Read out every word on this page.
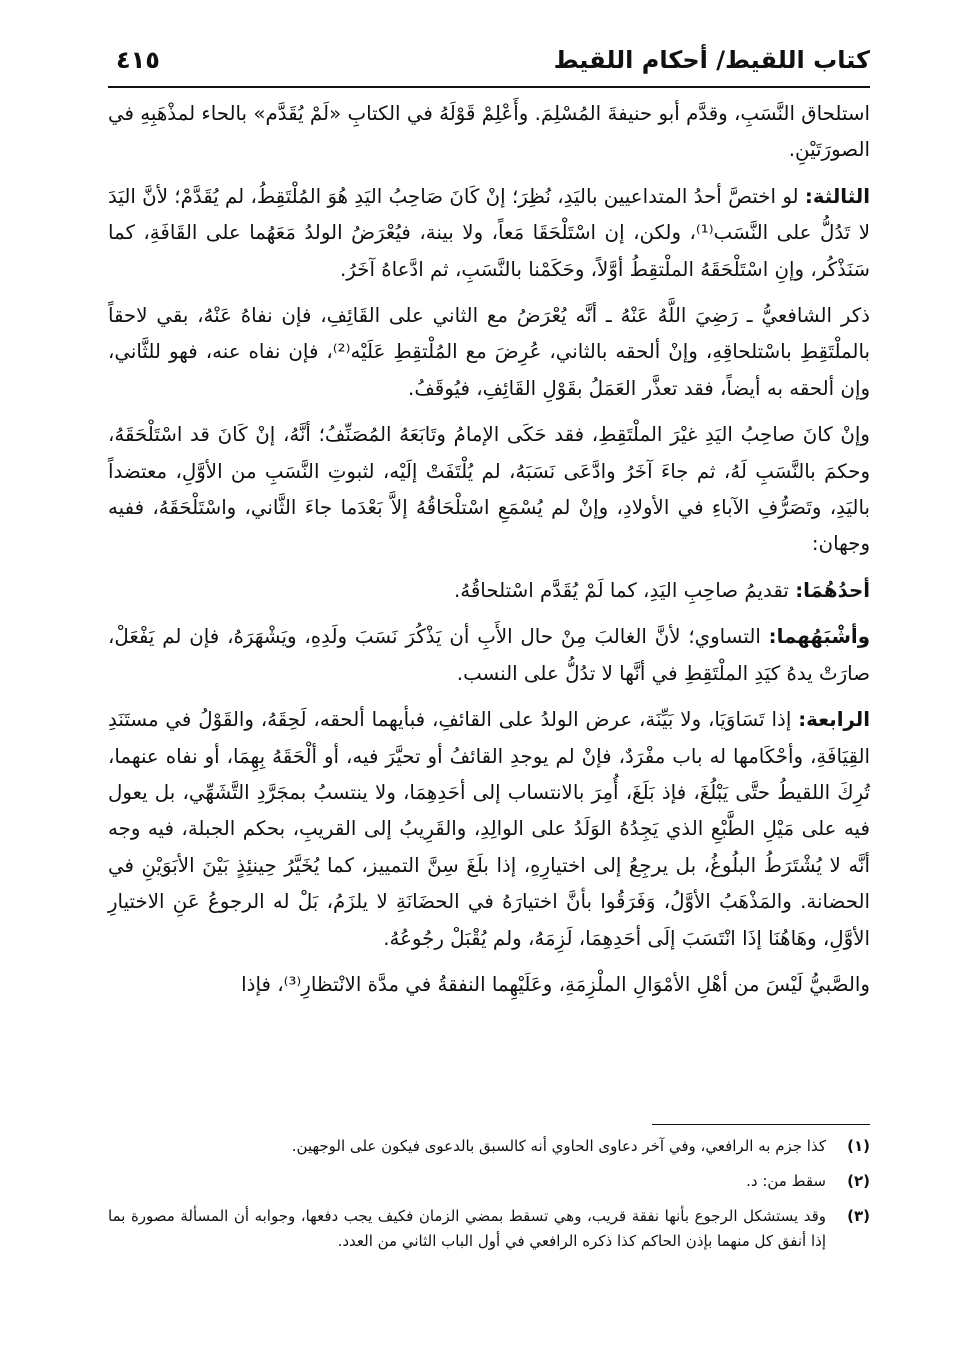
كتاب اللقيط/ أحكام اللقيط
٤١٥

استلحاق النَّسَبِ، وقدَّم أبو حنيفةَ المُسْلِمَ. وأَعْلِمْ قَوْلَهُ في الكتابِ «لَمْ يُقَدَّم» بالحاء لمذْهَبِهِ في الصورَتَيْنِ.

الثالثة: لو اختصَّ أحدُ المتداعيين باليَدِ، نُظِرَ؛ إنْ كَانَ صَاحِبُ اليَدِ هُوَ المُلْتَقِطُ، لم يُقَدَّمْ؛ لأنَّ اليَدَ لا تَدُلُّ على النَّسَب⁽¹⁾، ولكن، إن اسْتَلْحَقَا مَعاً، ولا بينة، فيُعْرَضُ الولدُ مَعَهُما على القَافَةِ، كما سَنَذْكُر، وإنِ اسْتَلْحَقَهُ الملْتقِطُ أوَّلاً، وحَكَمْنا بالنَّسَبِ، ثم ادَّعاهُ آخَرُ.

ذكر الشافعيُّ ـ رَضِيَ اللَّهُ عَنْهُ ـ أنَّه يُعْرَضُ مع الثاني على القَائِفِ، فإن نفاهُ عَنْهُ، بقي لاحقاً بالملْتَقِطِ باسْتلحاقِهِ، وإنْ ألحقه بالثاني، عُرِضَ مع المُلْتقِطِ عَلَيْه⁽²⁾، فإن نفاه عنه، فهو للثَّاني، وإن ألحقه به أيضاً، فقد تعذَّر العَمَلُ بقَوْلِ القَائِفِ، فيُوقَفُ.

وإنْ كانَ صاحِبُ اليَدِ غيْرَ الملْتَقِطِ، فقد حَكَى الإمامُ وتَابَعَهُ المُصَنِّفُ؛ أنَّهُ، إنْ كَانَ قد اسْتَلْحَقَهُ، وحكمَ بالنَّسَبِ لَهُ، ثم جاءَ آخَرُ وادَّعَى نَسَبَهُ، لم يُلْتَفَتْ إلَيْه، لثبوتِ النَّسَبِ من الأوَّلِ، معتضداً باليَدِ، وتَصَرُّفِ الآباءِ في الأولادِ، وإنْ لم يُسْمَعِ اسْتلْحَاقُهُ إلاَّ بَعْدَما جاءَ الثَّاني، واسْتَلْحَقَهُ، ففيه وجهان:

أحدُهُمَا: تقديمُ صاحِبِ اليَدِ، كما لَمْ يُقَدَّم اسْتلحاقُهُ.

وأشْبَهُهما: التساوي؛ لأنَّ الغالبَ مِنْ حال الأَبِ أن يَذْكُرَ نَسَبَ ولَدِهِ، ويَشْهَرَهُ، فإن لم يَفْعَلْ، صارَتْ يدهُ كيَدِ الملْتَقِطِ في أنَّها لا تدُلُّ على النسب.

الرابعة: إذا تَسَاوَيَا، ولا بَيِّنَة، عرض الولدُ على القائفِ، فبأيهما ألحقه، لَحِقَهُ، والقَوْلُ في مستَنَدِ القِيَافَةِ، وأحْكَامها له باب مفْرَدٌ، فإنْ لم يوجدِ القائفُ أو تحيَّرَ فيه، أو ألْحَقَهُ بِهِمَا، أو نفاه عنهما، تُرِكَ اللقيطُ حتَّى يَبْلُغَ، فإذ بَلَغَ، أُمِرَ بالانتساب إلى أحَدِهِمَا، ولا ينتسبُ بمجَرَّدِ التَّشَهِّي، بل يعول فيه على مَيْلِ الطَّبْعِ الذي يَجِدُهُ الوَلَدُ على الوالِدِ، والقَرِيبُ إلى القريبِ، بحكم الجبلة، فيه وجه أنَّه لا يُشْتَرَطُ البلُوغُ، بل يرجِعُ إلى اختيارِهِ، إذا بلَغَ سِنَّ التمييز، كما يُخَيَّرُ حِينئِذٍ بَيْنَ الأبَوَيْنِ في الحضانة. والمَذْهَبُ الأوَّلُ، وَفَرَقُوا بأنَّ اختيارَهُ في الحضَانَةِ لا يلزَمُ، بَلْ له الرجوعُ عَنِ الاختيارِ الأوَّلِ، وهَاهُنَا إذَا انْتَسَبَ إلَى أحَدِهِمَا، لَزِمَهُ، ولم يُقْبَلْ رجُوعُهُ.

والصَّبيُّ لَيْسَ من أهْلِ الأمْوَالِ الملْزِمَةِ، وعَلَيْهِما النفقةُ في مدَّة الانْتظارِ⁽³⁾، فإذا

(١)
كذا جزم به الرافعي، وفي آخر دعاوى الحاوي أنه كالسبق بالدعوى فيكون على الوجهين.
(٢)
سقط من: د.
(٣)
وقد يستشكل الرجوع بأنها نفقة قريب، وهي تسقط بمضي الزمان فكيف يجب دفعها، وجوابه أن المسألة مصورة بما إذا أنفق كل منهما بإذن الحاكم كذا ذكره الرافعي في أول الباب الثاني من العدد.
